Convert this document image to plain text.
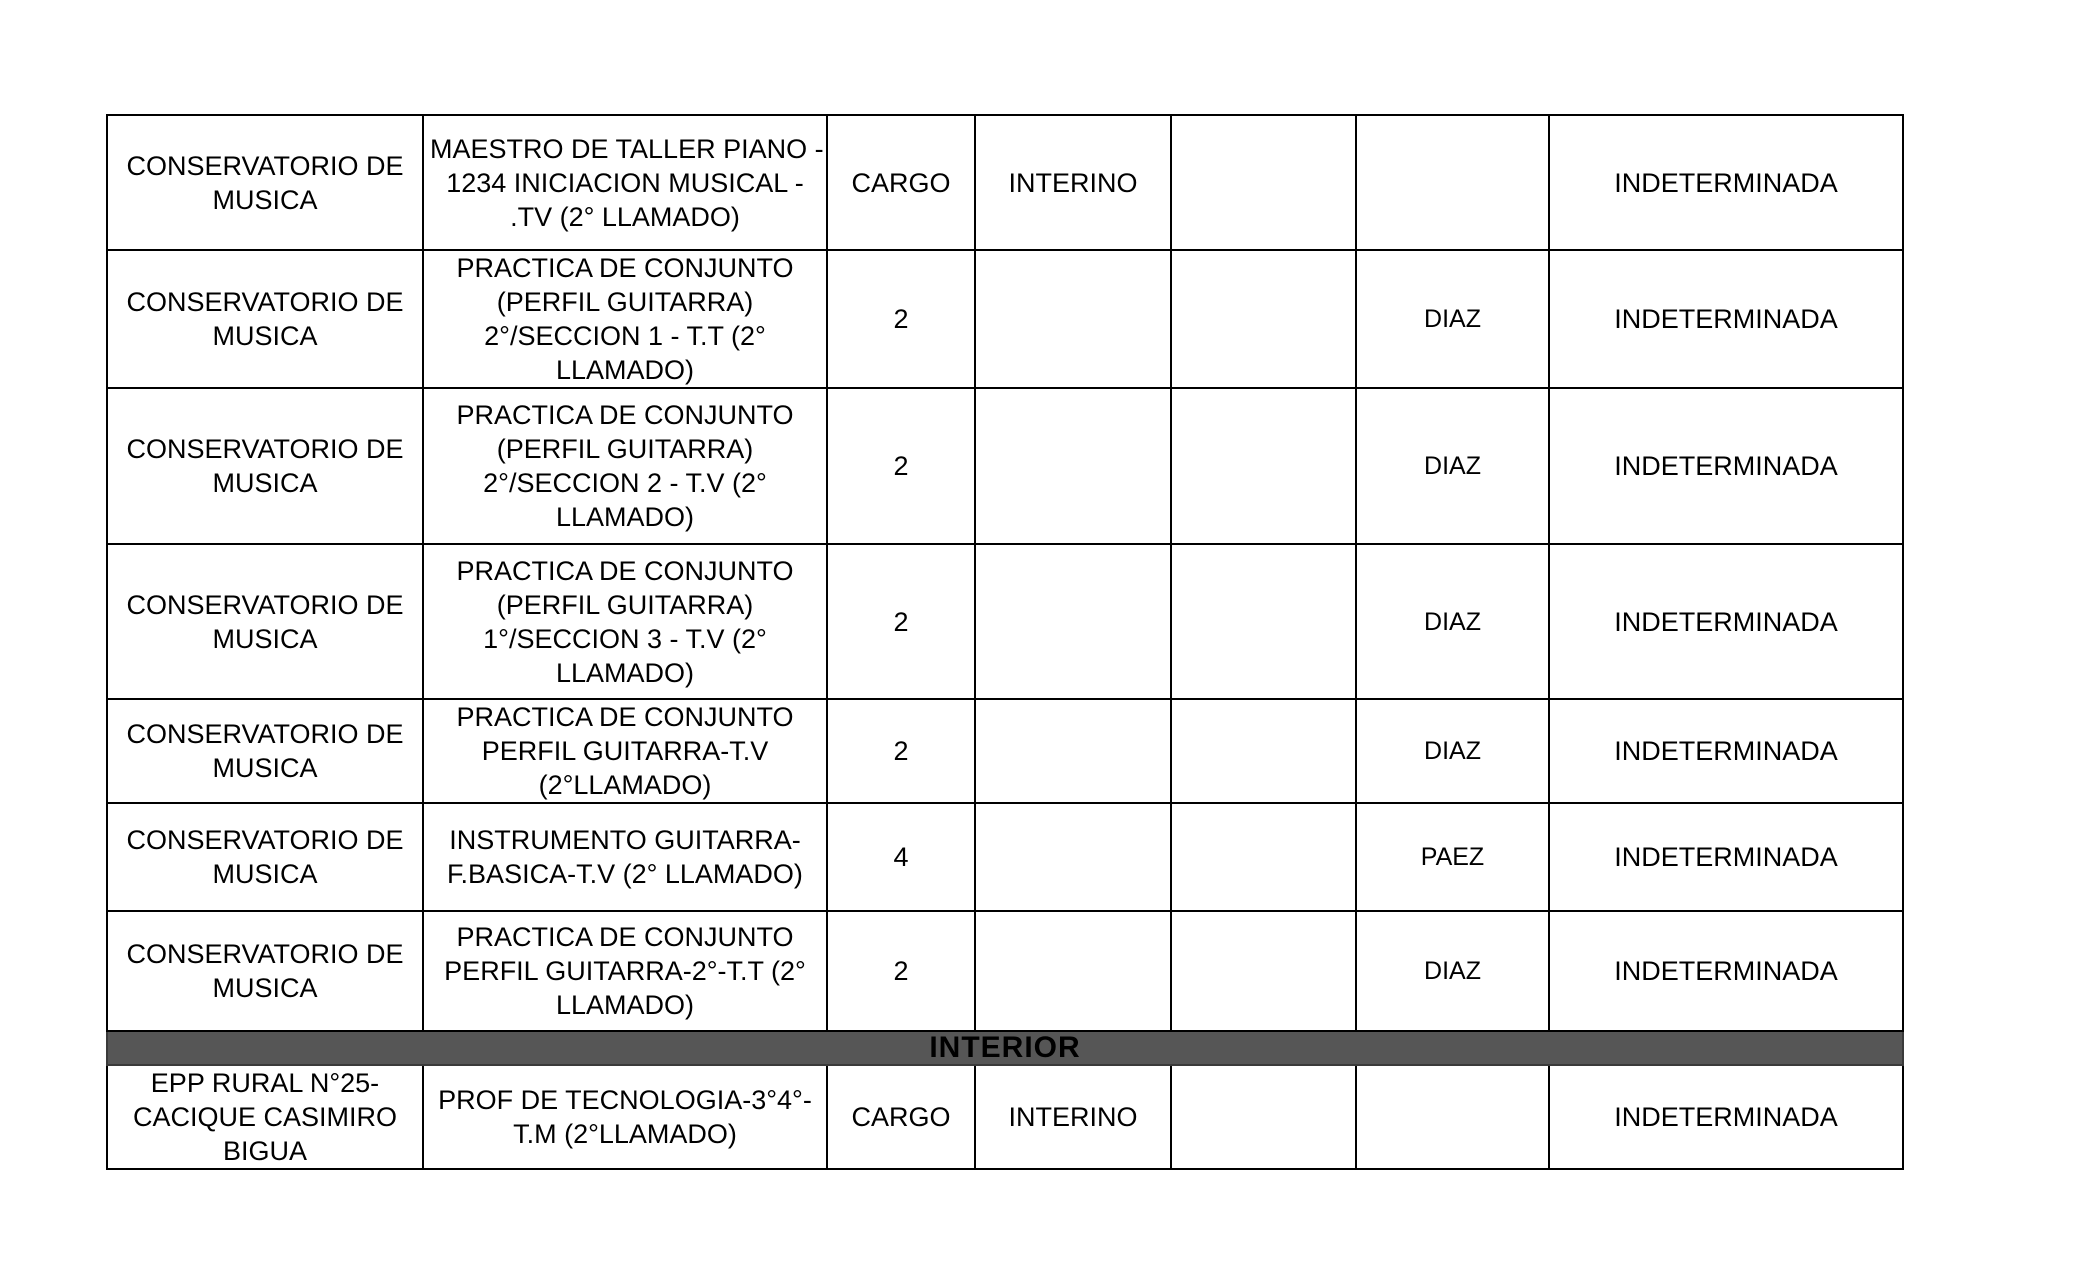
CONSERVATORIO DE
MUSICA	MAESTRO DE TALLER PIANO -
1234 INICIACION MUSICAL -
.TV (2° LLAMADO)	CARGO	INTERINO			INDETERMINADA
CONSERVATORIO DE
MUSICA	PRACTICA DE CONJUNTO
(PERFIL GUITARRA)
2°/SECCION 1 - T.T (2°
LLAMADO)	2			DIAZ	INDETERMINADA
CONSERVATORIO DE
MUSICA	PRACTICA DE CONJUNTO
(PERFIL GUITARRA)
2°/SECCION 2 - T.V (2°
LLAMADO)	2			DIAZ	INDETERMINADA
CONSERVATORIO DE
MUSICA	PRACTICA DE CONJUNTO
(PERFIL GUITARRA)
1°/SECCION 3 - T.V (2°
LLAMADO)	2			DIAZ	INDETERMINADA
CONSERVATORIO DE
MUSICA	PRACTICA DE CONJUNTO
PERFIL GUITARRA-T.V
(2°LLAMADO)	2			DIAZ	INDETERMINADA
CONSERVATORIO DE
MUSICA	INSTRUMENTO GUITARRA-
F.BASICA-T.V (2° LLAMADO)	4			PAEZ	INDETERMINADA
CONSERVATORIO DE
MUSICA	PRACTICA DE CONJUNTO
PERFIL GUITARRA-2°-T.T (2°
LLAMADO)	2			DIAZ	INDETERMINADA
INTERIOR						
EPP RURAL N°25-
CACIQUE CASIMIRO
BIGUA	PROF DE TECNOLOGIA-3°4°-
T.M (2°LLAMADO)	CARGO	INTERINO			INDETERMINADA
